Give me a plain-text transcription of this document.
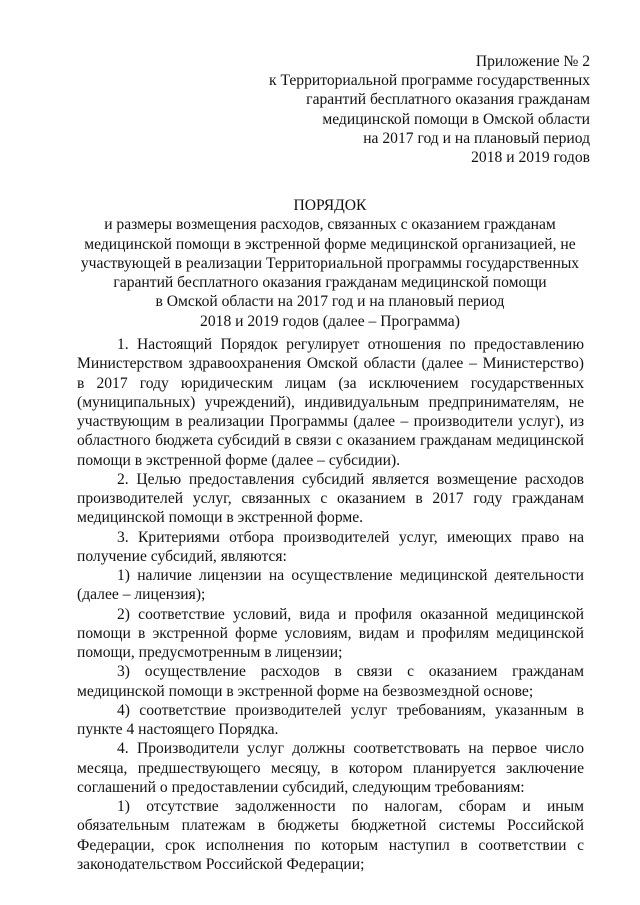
Приложение № 2
к Территориальной программе государственных
гарантий бесплатного оказания гражданам
медицинской помощи в Омской области
на 2017 год и на плановый период
2018 и 2019 годов
ПОРЯДОК
и размеры возмещения расходов, связанных с оказанием гражданам
медицинской помощи в экстренной форме медицинской организацией, не
участвующей в реализации Территориальной программы государственных
гарантий бесплатного оказания гражданам медицинской помощи
в Омской области на 2017 год и на плановый период
2018 и 2019 годов (далее – Программа)

1. Настоящий Порядок регулирует отношения по предоставлению Министерством здравоохранения Омской области (далее – Министерство) в 2017 году юридическим лицам (за исключением государственных (муниципальных) учреждений), индивидуальным предпринимателям, не участвующим в реализации Программы (далее – производители услуг), из областного бюджета субсидий в связи с оказанием гражданам медицинской помощи в экстренной форме (далее – субсидии).

2. Целью предоставления субсидий является возмещение расходов производителей услуг, связанных с оказанием в 2017 году гражданам медицинской помощи в экстренной форме.

3. Критериями отбора производителей услуг, имеющих право на получение субсидий, являются:

1) наличие лицензии на осуществление медицинской деятельности (далее – лицензия);

2) соответствие условий, вида и профиля оказанной медицинской помощи в экстренной форме условиям, видам и профилям медицинской помощи, предусмотренным в лицензии;

3) осуществление расходов в связи с оказанием гражданам медицинской помощи в экстренной форме на безвозмездной основе;

4) соответствие производителей услуг требованиям, указанным в пункте 4 настоящего Порядка.

4. Производители услуг должны соответствовать на первое число месяца, предшествующего месяцу, в котором планируется заключение соглашений о предоставлении субсидий, следующим требованиям:

1) отсутствие задолженности по налогам, сборам и иным обязательным платежам в бюджеты бюджетной системы Российской Федерации, срок исполнения по которым наступил в соответствии с законодательством Российской Федерации;
